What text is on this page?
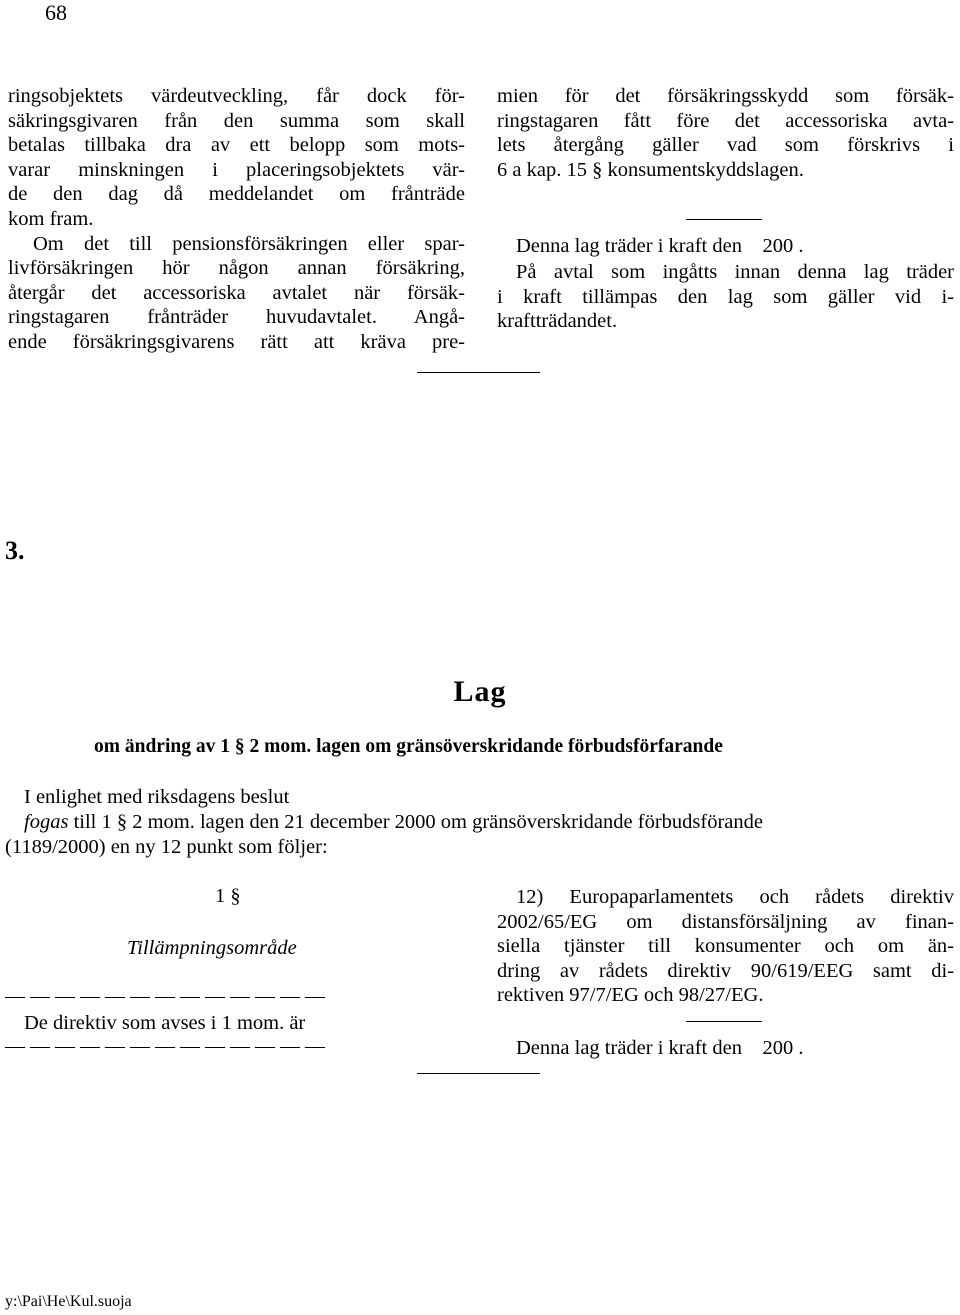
68
ringsobjektets värdeutveckling, får dock för-
säkringsgivaren från den summa som skall
betalas tillbaka dra av ett belopp som mots-
varar minskningen i placeringsobjektets vär-
de den dag då meddelandet om frånträde
kom fram.
Om det till pensionsförsäkringen eller spar-
livförsäkringen hör någon annan försäkring,
återgår det accessoriska avtalet när försäk-
ringstagaren frånträder huvudavtalet. Angå-
ende försäkringsgivarens rätt att kräva pre-
mien för det försäkringsskydd som försäk-
ringstagaren fått före det accessoriska avta-
lets återgång gäller vad som förskrivs i
6 a kap. 15 § konsumentskyddslagen.
Denna lag träder i kraft den    200 .
På avtal som ingåtts innan denna lag träder
i kraft tillämpas den lag som gäller vid i-
kraftträdandet.
3.
Lag
om ändring av 1 § 2 mom. lagen om gränsöverskridande förbudsförfarande
I enlighet med riksdagens beslut
fogas till 1 § 2 mom. lagen den 21 december 2000 om gränsöverskridande förbudsförande
(1189/2000) en ny 12 punkt som följer:
1 §
Tillämpningsområde
— — — — — — — — — — — — —
De direktiv som avses i 1 mom. är
— — — — — — — — — — — — —
12) Europaparlamentets och rådets direktiv
2002/65/EG om distansförsäljning av finan-
siella tjänster till konsumenter och om än-
dring av rådets direktiv 90/619/EEG samt di-
rektiven 97/7/EG och 98/27/EG.
Denna lag träder i kraft den    200 .
y:\Pai\He\Kul.suoja
